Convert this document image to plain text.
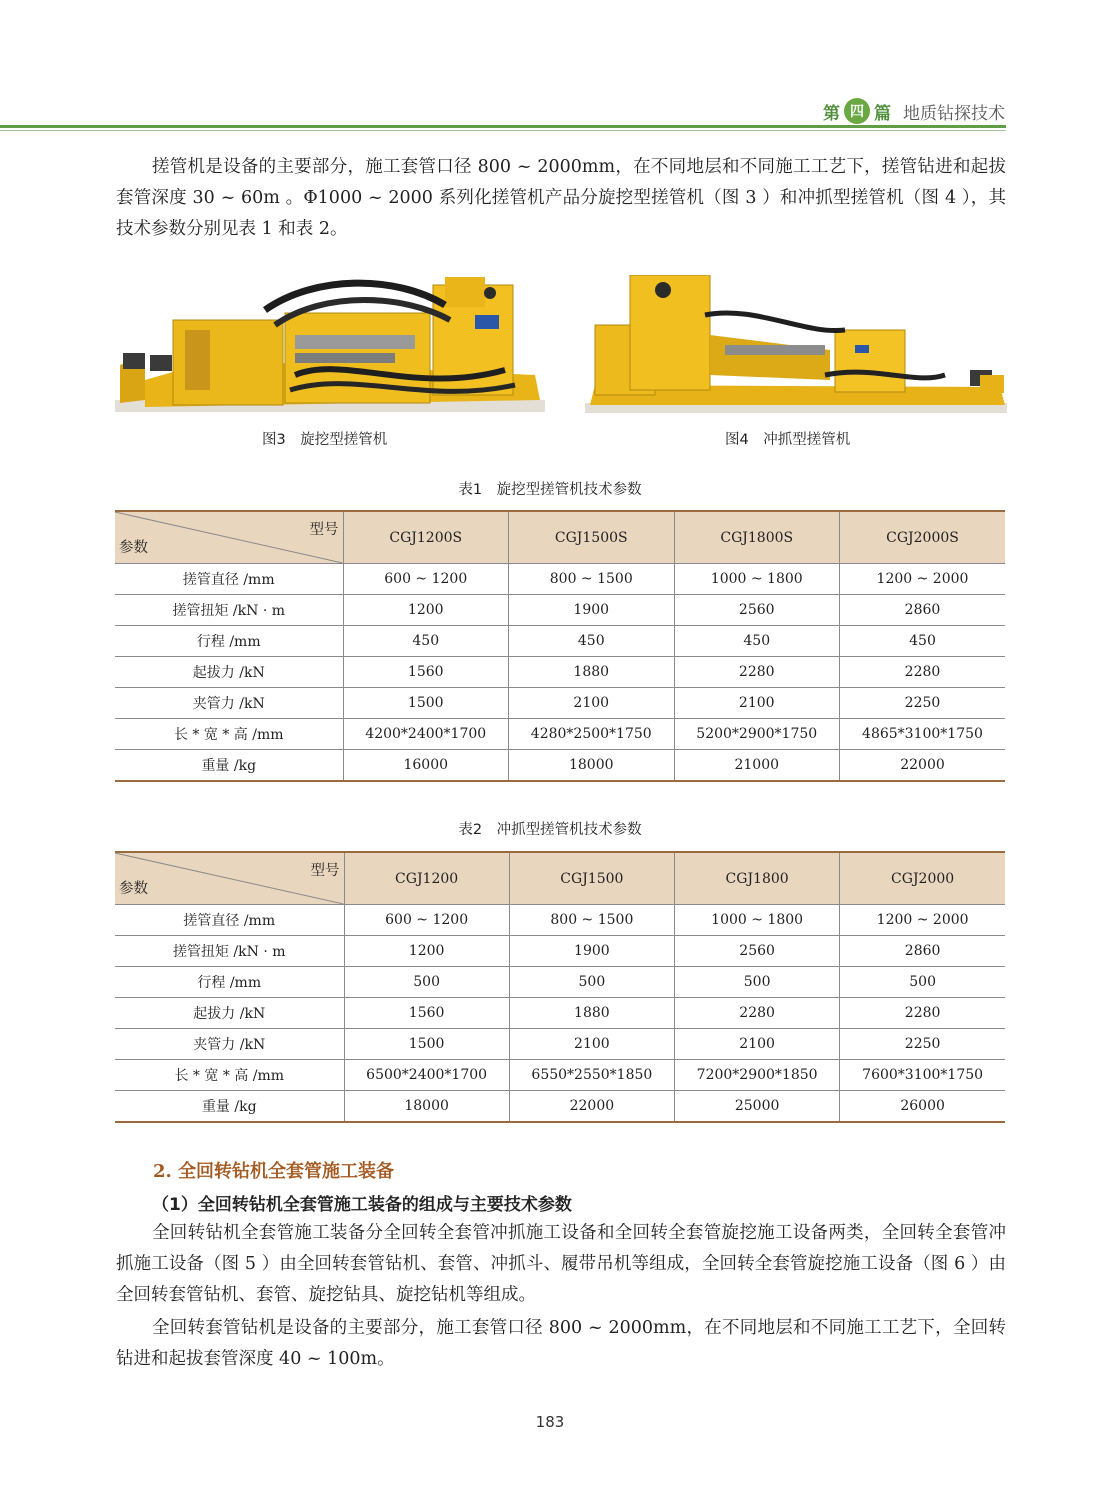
第 四 篇 地质钻探技术

搓管机是设备的主要部分，施工套管口径 800 ~ 2000mm，在不同地层和不同施工工艺下，搓管钻进和起拔套管深度 30 ~ 60m 。Φ1000 ~ 2000 系列化搓管机产品分旋挖型搓管机（图 3 ）和冲抓型搓管机（图 4 ），其技术参数分别见表 1 和表 2。

图3　旋挖型搓管机	图4　冲抓型搓管机
表1　旋挖型搓管机技术参数
型号
参数	CGJ1200S	CGJ1500S	CGJ1800S	CGJ2000S
搓管直径 /mm	600 ~ 1200	800 ~ 1500	1000 ~ 1800	1200 ~ 2000
搓管扭矩 /kN · m	1200	1900	2560	2860
行程 /mm	450	450	450	450
起拔力 /kN	1560	1880	2280	2280
夹管力 /kN	1500	2100	2100	2250
长 * 宽 * 高 /mm	4200*2400*1700	4280*2500*1750	5200*2900*1750	4865*3100*1750
重量 /kg	16000	18000	21000	22000
表2　冲抓型搓管机技术参数
型号
参数	CGJ1200	CGJ1500	CGJ1800	CGJ2000
搓管直径 /mm	600 ~ 1200	800 ~ 1500	1000 ~ 1800	1200 ~ 2000
搓管扭矩 /kN · m	1200	1900	2560	2860
行程 /mm	500	500	500	500
起拔力 /kN	1560	1880	2280	2280
夹管力 /kN	1500	2100	2100	2250
长 * 宽 * 高 /mm	6500*2400*1700	6550*2550*1850	7200*2900*1850	7600*3100*1750
重量 /kg	18000	22000	25000	26000
2. 全回转钻机全套管施工装备
（1）全回转钻机全套管施工装备的组成与主要技术参数

全回转钻机全套管施工装备分全回转全套管冲抓施工设备和全回转全套管旋挖施工设备两类，全回转全套管冲抓施工设备（图 5 ）由全回转套管钻机、套管、冲抓斗、履带吊机等组成，全回转全套管旋挖施工设备（图 6 ）由全回转套管钻机、套管、旋挖钻具、旋挖钻机等组成。

全回转套管钻机是设备的主要部分，施工套管口径 800 ~ 2000mm，在不同地层和不同施工工艺下，全回转钻进和起拔套管深度 40 ~ 100m。

183
